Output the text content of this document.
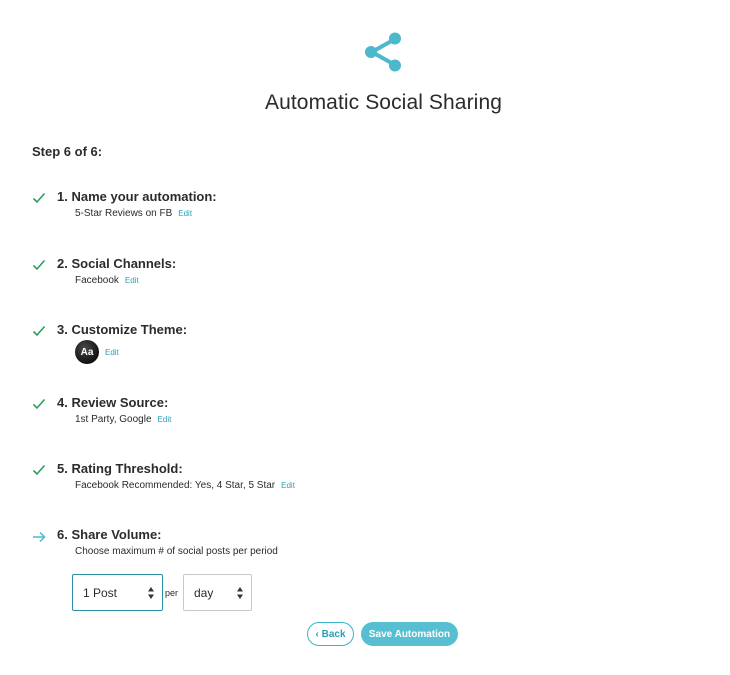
Automatic Social Sharing
Step 6 of 6:
1. Name your automation:
5-Star Reviews on FB Edit
2. Social Channels:
Facebook Edit
3. Customize Theme:
Aa	Edit
4. Review Source:
1st Party, Google Edit
5. Rating Threshold:
Facebook Recommended: Yes, 4 Star, 5 Star Edit
6. Share Volume:
Choose maximum # of social posts per period
1 Post	per day
‹ Back	Save Automation
